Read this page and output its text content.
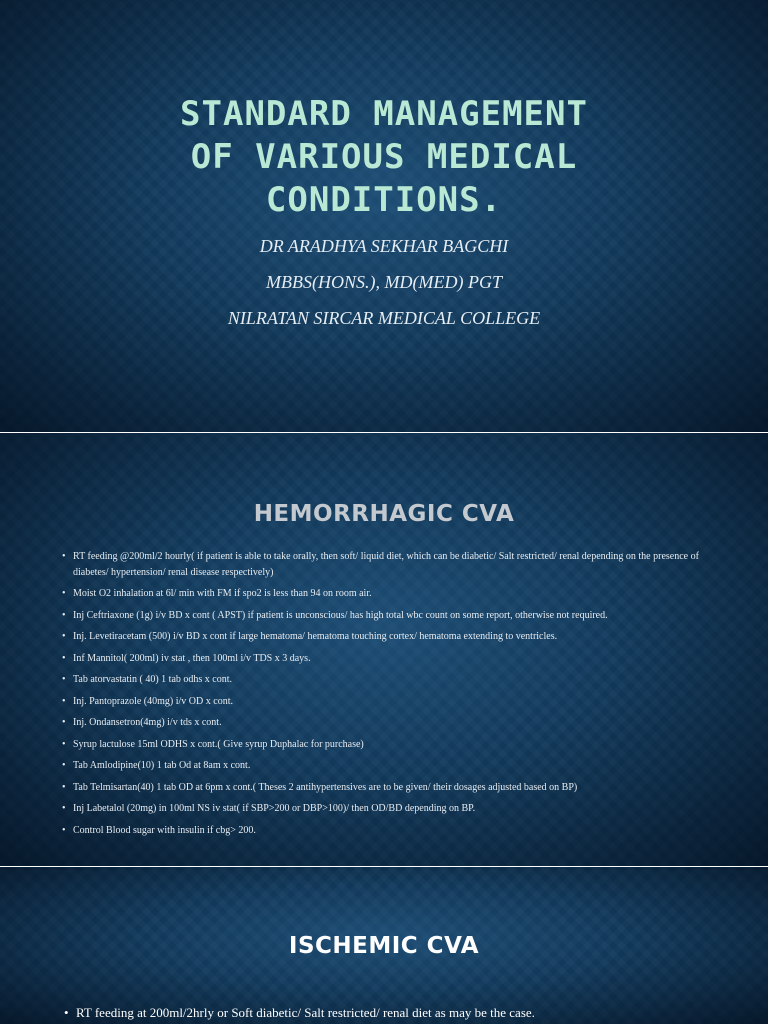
STANDARD MANAGEMENT
OF VARIOUS MEDICAL
CONDITIONS.
DR ARADHYA SEKHAR BAGCHI
MBBS(HONS.), MD(MED) PGT
NILRATAN SIRCAR MEDICAL COLLEGE
HEMORRHAGIC CVA
• RT feeding @200ml/2 hourly( if patient is able to take orally, then soft/ liquid diet, which can be diabetic/ Salt restricted/ renal depending on the presence of diabetes/ hypertension/ renal disease respectively)
• Moist O2 inhalation at 6l/ min with FM if spo2 is less than 94 on room air.
• Inj Ceftriaxone (1g) i/v BD x cont ( APST) if patient is unconscious/ has high total wbc count on some report, otherwise not required.
• Inj. Levetiracetam (500) i/v BD x cont if large hematoma/ hematoma touching cortex/ hematoma extending to ventricles.
• Inf Mannitol( 200ml) iv stat , then 100ml i/v TDS x 3 days.
• Tab atorvastatin ( 40) 1 tab odhs x cont.
• Inj. Pantoprazole (40mg) i/v OD x cont.
• Inj. Ondansetron(4mg) i/v tds x cont.
• Syrup lactulose 15ml ODHS x cont.( Give syrup Duphalac for purchase)
• Tab Amlodipine(10) 1 tab Od at 8am x cont.
• Tab Telmisartan(40) 1 tab OD at 6pm x cont.( Theses 2 antihypertensives are to be given/ their dosages adjusted based on BP)
• Inj Labetalol (20mg) in 100ml NS iv stat( if SBP>200 or DBP>100)/ then OD/BD depending on BP.
• Control Blood sugar with insulin if cbg> 200.
ISCHEMIC CVA
• RT feeding at 200ml/2hrly or Soft diabetic/ Salt restricted/ renal diet as may be the case.
